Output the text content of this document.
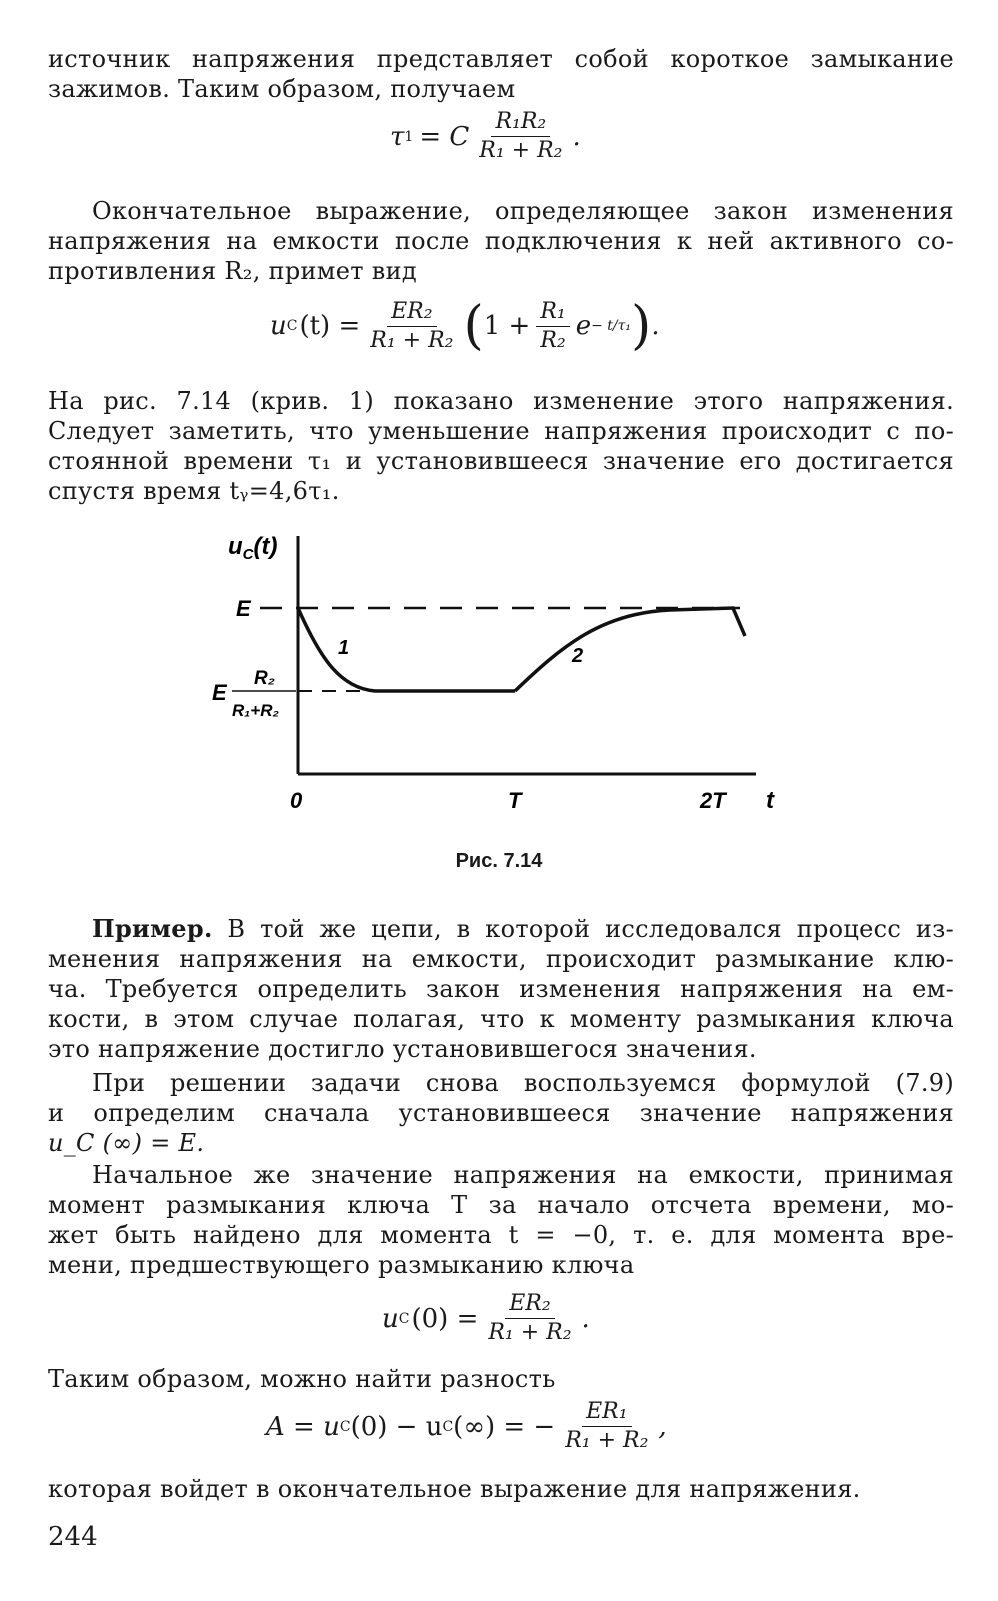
источник напряжения представляет собой короткое замыкание
зажимов. Таким образом, получаем
τ 1 = C $\frac{\text{R₁R₂}}{\text{R₁ + R₂}}$ .
Окончательное выражение, определяющее закон изменения
напряжения на емкости после подключения к ней активного со-
противления R₂, примет вид
u C $(t) = \frac{\text{ER₂}}{\text{R₁ + R₂}}$ ( $1 + \frac{\text{R₁}}{\text{R₂}}$ e − t/τ₁ ) .
На рис. 7.14 (крив. 1) показано изменение этого напряжения.
Следует заметить, что уменьшение напряжения происходит с по-
стоянной времени τ₁ и установившееся значение его достигается
спустя время tᵧ=4,6τ₁.
$u_C(t)$
E
E
R₂
R₁+R₂
1	2
0	T	2T t
Рис. 7.14
Пример. В той же цепи, в которой исследовался процесс из-
менения напряжения на емкости, происходит размыкание клю-
ча. Требуется определить закон изменения напряжения на ем-
кости, в этом случае полагая, что к моменту размыкания ключа
это напряжение достигло установившегося значения.
При решении задачи снова воспользуемся формулой (7.9)
и определим сначала установившееся значение напряжения
u_C (∞) = E.
Начальное же значение напряжения на емкости, принимая
момент размыкания ключа T за начало отсчета времени, мо-
жет быть найдено для момента t = −0, т. е. для момента вре-
мени, предшествующего размыканию ключа
u C $(0) = \frac{\text{ER₂}}{\text{R₁ + R₂}}$ .
Таким образом, можно найти разность
A = u C (0) − u C (∞) = − $\frac{\text{ER₁}}{\text{R₁ + R₂}}$ ,
которая войдет в окончательное выражение для напряжения.
244
